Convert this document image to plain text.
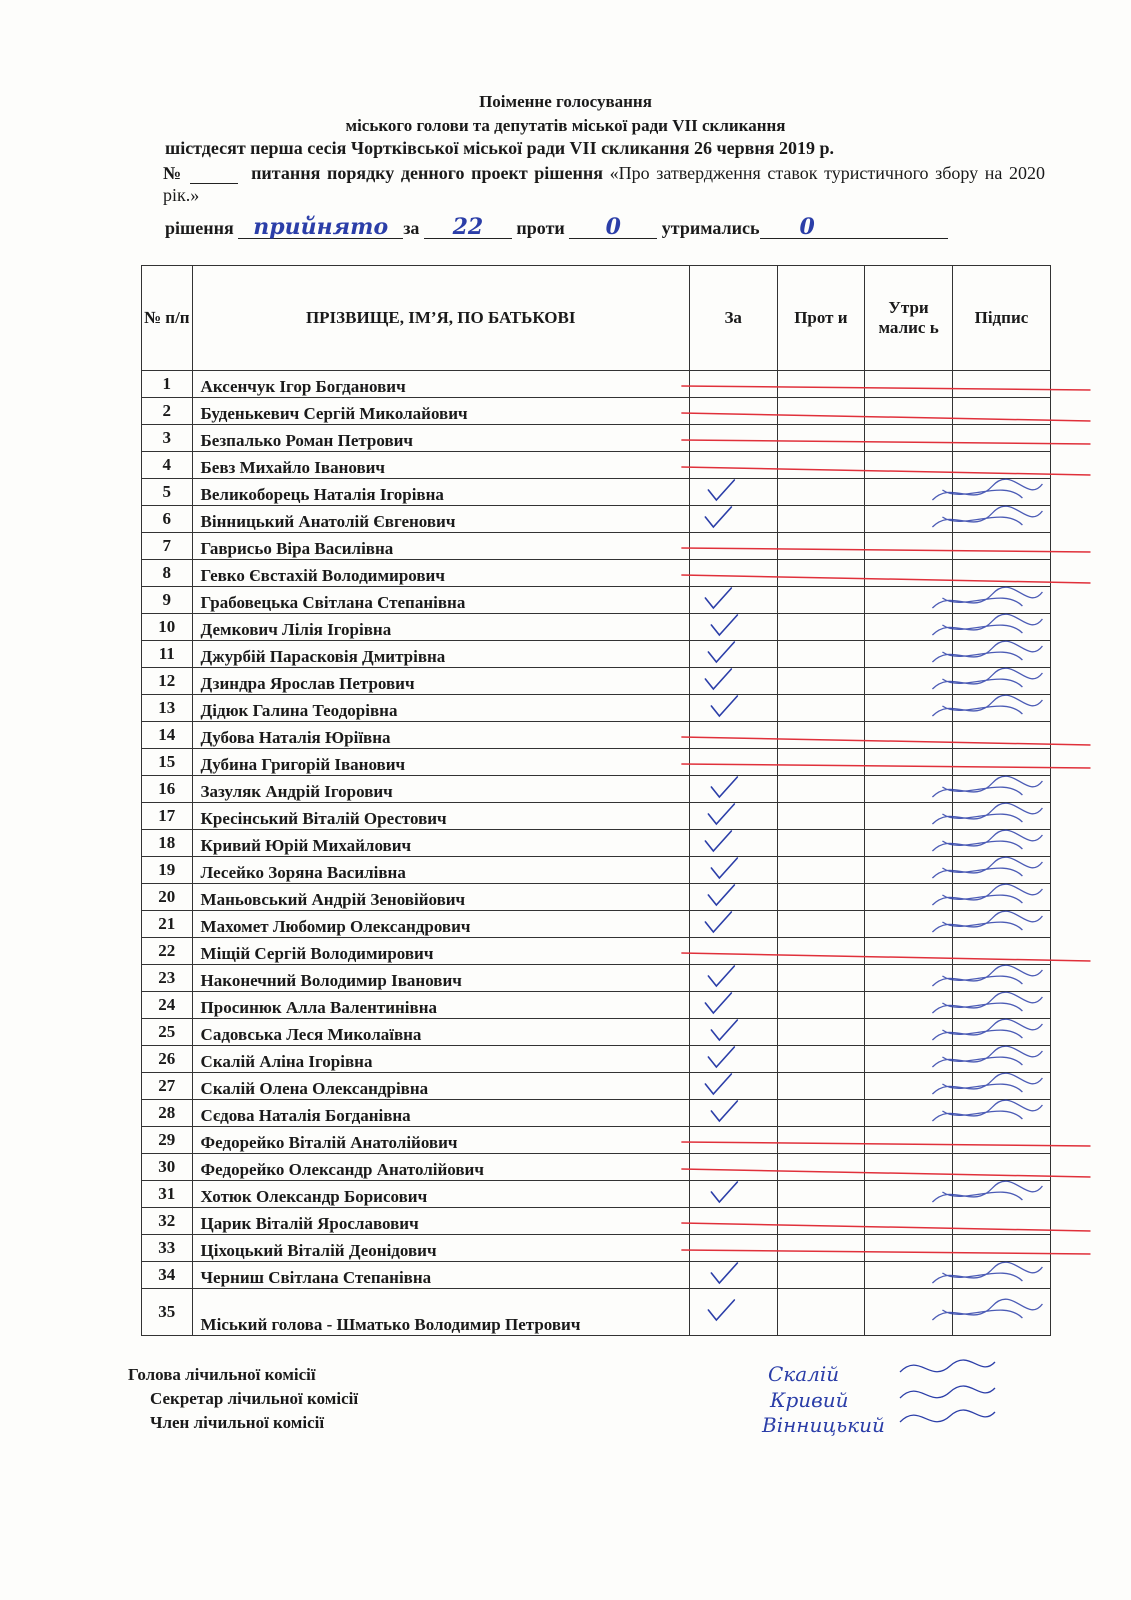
Поіменне голосування
міського голови та депутатів міської ради VII скликання
шістдесят перша сесія Чортківської міської ради VII скликання 26 червня 2019 р.
№	питання порядку денного проект рішення «Про затвердження ставок туристичного збору на 2020 рік.»
рішення прийнято за	22	проти	0	утримались	0
№ п/п	ПРІЗВИЩЕ, ІМ’Я, ПО БАТЬКОВІ	За	Прот и	Утри малис ь	Підпис
1	Аксенчук Ігор Богданович				
2	Буденькевич Сергій Миколайович				
3	Безпалько Роман Петрович				
4	Бевз Михайло Іванович				
5	Великоборець Наталія Ігорівна				
6	Вінницький Анатолій Євгенович				
7	Гаврисьо Віра Василівна				
8	Гевко Євстахій Володимирович				
9	Грабовецька Світлана Степанівна				
10	Демкович Лілія Ігорівна				
11	Джурбій Парасковія Дмитрівна				
12	Дзиндра Ярослав Петрович				
13	Дідюк Галина Теодорівна				
14	Дубова Наталія Юріївна				
15	Дубина Григорій Іванович				
16	Зазуляк Андрій Ігорович				
17	Кресінський Віталій Орестович				
18	Кривий Юрій Михайлович				
19	Лесейко Зоряна Василівна				
20	Маньовський Андрій Зеновійович				
21	Махомет Любомир Олександрович				
22	Міщій Сергій Володимирович				
23	Наконечний Володимир Іванович				
24	Просинюк Алла Валентинівна				
25	Садовська Леся Миколаївна				
26	Скалій Аліна Ігорівна				
27	Скалій Олена Олександрівна				
28	Сєдова Наталія Богданівна				
29	Федорейко Віталій Анатолійович				
30	Федорейко Олександр Анатолійович				
31	Хотюк Олександр Борисович				
32	Царик Віталій Ярославович				
33	Ціхоцький Віталій Деонідович				
34	Черниш Світлана Степанівна				
35	Міський голова - Шматько Володимир Петрович				
Голова лічильної комісії
Секретар лічильної комісії
Член лічильної комісії
Скалій
Кривий
Вінницький
